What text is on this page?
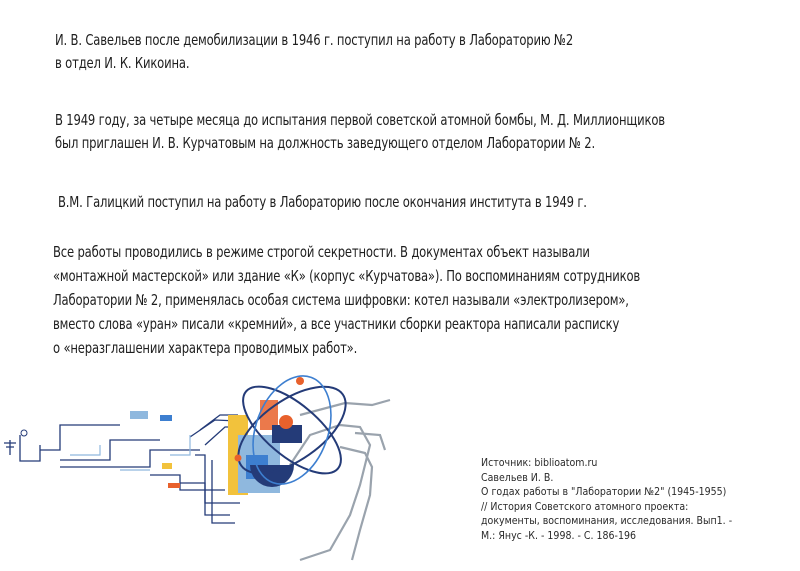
И. В. Савельев после демобилизации в 1946 г. поступил на работу в Лабораторию №2
в отдел И. К. Кикоина.
В 1949 году, за четыре месяца до испытания первой советской атомной бомбы, М. Д. Миллионщиков
был приглашен И. В. Курчатовым на должность заведующего отделом Лаборатории № 2.
В.М. Галицкий поступил на работу в Лабораторию после окончания института в 1949 г.
Все работы проводились в режиме строгой секретности. В документах объект называли
«монтажной мастерской» или здание «К» (корпус «Курчатова»). По воспоминаниям сотрудников
Лаборатории № 2, применялась особая система шифровки: котел называли «электролизером»,
вместо слова «уран» писали «кремний», а все участники сборки реактора написали расписку
о «неразглашении характера проводимых работ».
Источник: biblioatom.ru
Савельев И. В.
О годах работы в "Лаборатории №2" (1945-1955)
// История Советского атомного проекта:
документы, воспоминания, исследования. Вып1. -
М.: Янус -К. - 1998. - С. 186-196
